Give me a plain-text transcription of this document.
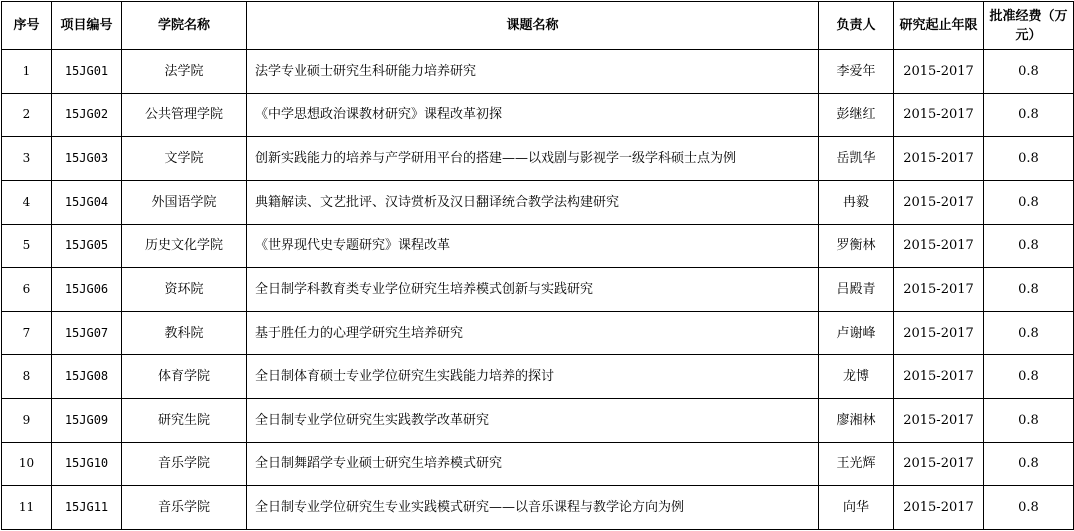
序号	项目编号	学院名称	课题名称	负责人	研究起止年限	批准经费（万元）
1	15JG01	法学院	法学专业硕士研究生科研能力培养研究	李爱年	2015-2017	0.8
2	15JG02	公共管理学院	《中学思想政治课教材研究》课程改革初探	彭继红	2015-2017	0.8
3	15JG03	文学院	创新实践能力的培养与产学研用平台的搭建——以戏剧与影视学一级学科硕士点为例	岳凯华	2015-2017	0.8
4	15JG04	外国语学院	典籍解读、文艺批评、汉诗赏析及汉日翻译统合教学法构建研究	冉毅	2015-2017	0.8
5	15JG05	历史文化学院	《世界现代史专题研究》课程改革	罗衡林	2015-2017	0.8
6	15JG06	资环院	全日制学科教育类专业学位研究生培养模式创新与实践研究	吕殿青	2015-2017	0.8
7	15JG07	教科院	基于胜任力的心理学研究生培养研究	卢谢峰	2015-2017	0.8
8	15JG08	体育学院	全日制体育硕士专业学位研究生实践能力培养的探讨	龙博	2015-2017	0.8
9	15JG09	研究生院	全日制专业学位研究生实践教学改革研究	廖湘林	2015-2017	0.8
10	15JG10	音乐学院	全日制舞蹈学专业硕士研究生培养模式研究	王光辉	2015-2017	0.8
11	15JG11	音乐学院	全日制专业学位研究生专业实践模式研究——以音乐课程与教学论方向为例	向华	2015-2017	0.8
